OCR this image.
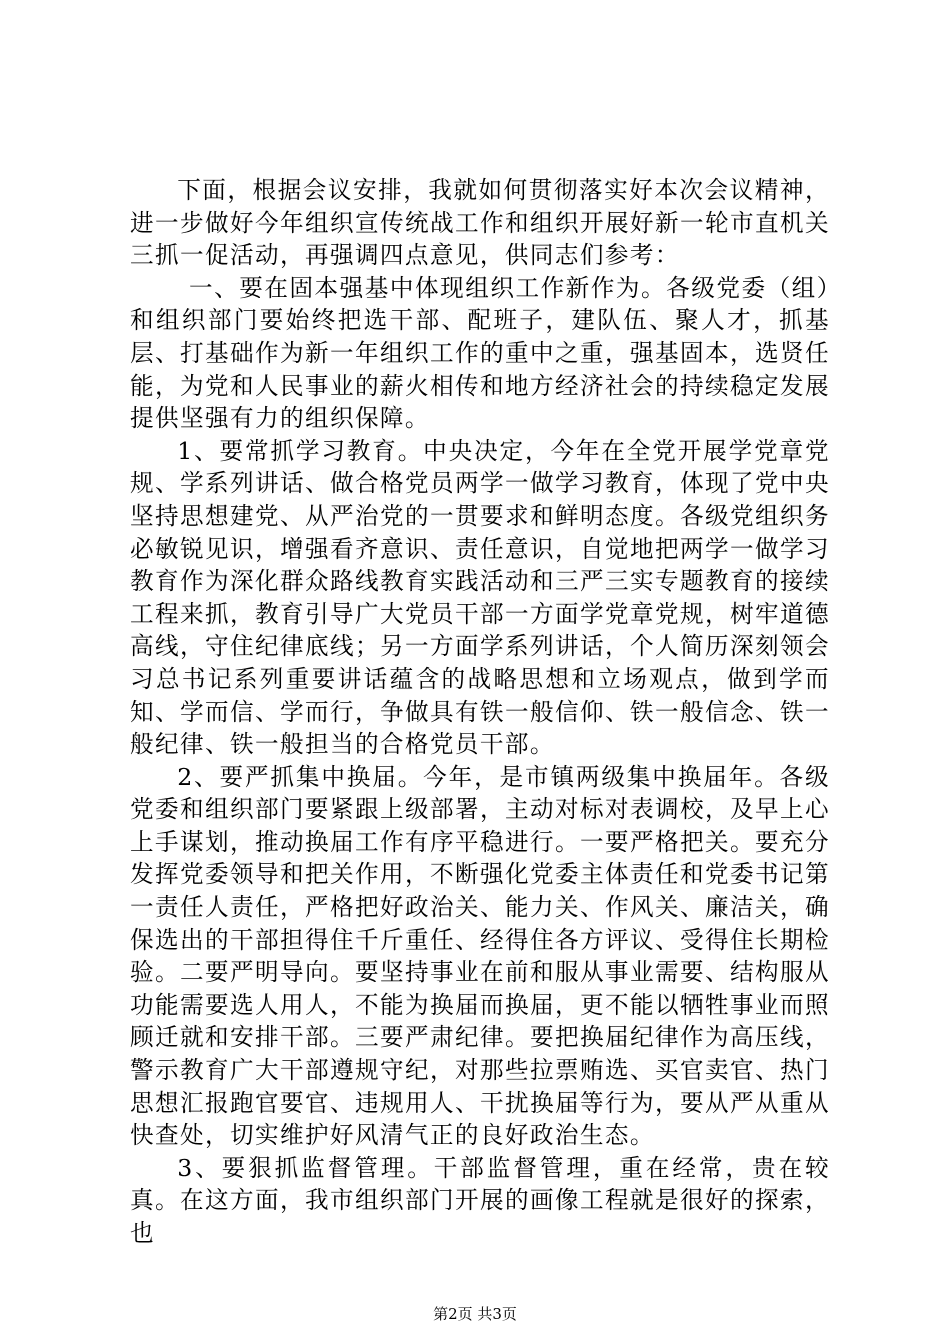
下面，根据会议安排，我就如何贯彻落实好本次会议精神，进一步做好今年组织宣传统战工作和组织开展好新一轮市直机关三抓一促活动，再强调四点意见，供同志们参考：

一、要在固本强基中体现组织工作新作为。各级党委（组）和组织部门要始终把选干部、配班子，建队伍、聚人才，抓基层、打基础作为新一年组织工作的重中之重，强基固本，选贤任能，为党和人民事业的薪火相传和地方经济社会的持续稳定发展提供坚强有力的组织保障。

1、要常抓学习教育。中央决定，今年在全党开展学党章党规、学系列讲话、做合格党员两学一做学习教育，体现了党中央坚持思想建党、从严治党的一贯要求和鲜明态度。各级党组织务必敏锐见识，增强看齐意识、责任意识，自觉地把两学一做学习教育作为深化群众路线教育实践活动和三严三实专题教育的接续工程来抓，教育引导广大党员干部一方面学党章党规，树牢道德高线，守住纪律底线；另一方面学系列讲话，个人简历深刻领会习总书记系列重要讲话蕴含的战略思想和立场观点，做到学而知、学而信、学而行，争做具有铁一般信仰、铁一般信念、铁一般纪律、铁一般担当的合格党员干部。

2、要严抓集中换届。今年，是市镇两级集中换届年。各级党委和组织部门要紧跟上级部署，主动对标对表调校，及早上心上手谋划，推动换届工作有序平稳进行。一要严格把关。要充分发挥党委领导和把关作用，不断强化党委主体责任和党委书记第一责任人责任，严格把好政治关、能力关、作风关、廉洁关，确保选出的干部担得住千斤重任、经得住各方评议、受得住长期检验。二要严明导向。要坚持事业在前和服从事业需要、结构服从功能需要选人用人，不能为换届而换届，更不能以牺牲事业而照顾迁就和安排干部。三要严肃纪律。要把换届纪律作为高压线，警示教育广大干部遵规守纪，对那些拉票贿选、买官卖官、热门思想汇报跑官要官、违规用人、干扰换届等行为，要从严从重从快查处，切实维护好风清气正的良好政治生态。

3、要狠抓监督管理。干部监督管理，重在经常，贵在较真。在这方面，我市组织部门开展的画像工程就是很好的探索，也

第2页 共3页
